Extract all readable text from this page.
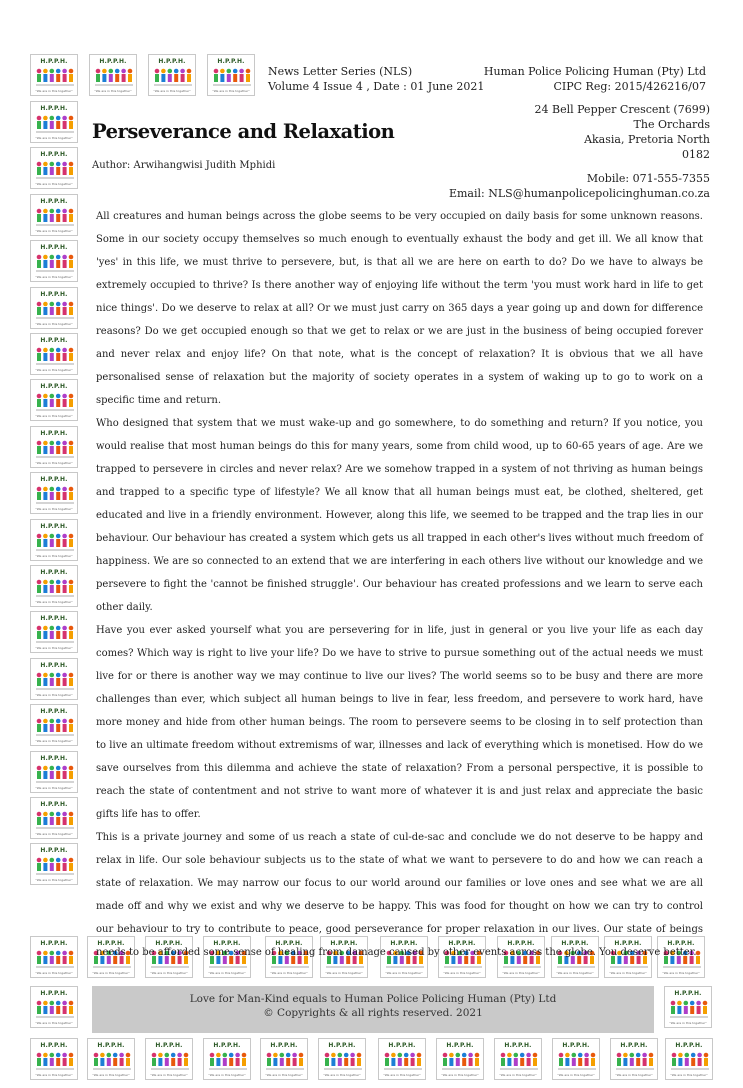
H.P.P.H.
"We are in this together"
H.P.P.H.
"We are in this together"
H.P.P.H.
"We are in this together"
H.P.P.H.
"We are in this together"
H.P.P.H.
"We are in this together"
H.P.P.H.
"We are in this together"
H.P.P.H.
"We are in this together"
H.P.P.H.
"We are in this together"
H.P.P.H.
"We are in this together"
H.P.P.H.
"We are in this together"
H.P.P.H.
"We are in this together"
H.P.P.H.
"We are in this together"
H.P.P.H.
"We are in this together"
H.P.P.H.
"We are in this together"
H.P.P.H.
"We are in this together"
H.P.P.H.
"We are in this together"
H.P.P.H.
"We are in this together"
H.P.P.H.
"We are in this together"
H.P.P.H.
"We are in this together"
H.P.P.H.
"We are in this together"
H.P.P.H.
"We are in this together"
H.P.P.H.
"We are in this together"
H.P.P.H.
"We are in this together"
H.P.P.H.
"We are in this together"
H.P.P.H.
"We are in this together"
H.P.P.H.
"We are in this together"
H.P.P.H.
"We are in this together"
H.P.P.H.
"We are in this together"
H.P.P.H.
"We are in this together"
H.P.P.H.
"We are in this together"
H.P.P.H.
"We are in this together"
H.P.P.H.
"We are in this together"
H.P.P.H.
"We are in this together"
H.P.P.H.
"We are in this together"
H.P.P.H.
"We are in this together"
H.P.P.H.
"We are in this together"
H.P.P.H.
"We are in this together"
H.P.P.H.
"We are in this together"
H.P.P.H.
"We are in this together"
H.P.P.H.
"We are in this together"
H.P.P.H.
"We are in this together"
H.P.P.H.
"We are in this together"
H.P.P.H.
"We are in this together"
H.P.P.H.
"We are in this together"
H.P.P.H.
"We are in this together"
H.P.P.H.
"We are in this together"
H.P.P.H.
"We are in this together"
News Letter Series (NLS)
Volume 4 Issue 4 , Date : 01 June 2021
Human Police Policing Human (Pty) Ltd
CIPC Reg: 2015/426216/07
24 Bell Pepper Crescent (7699)
The Orchards
Akasia, Pretoria North
0182
Mobile: 071-555-7355
Email: NLS@humanpolicepolicinghuman.co.za
Perseverance and Relaxation
Author: Arwihangwisi Judith Mphidi

All creatures and human beings across the globe seems to be very occupied on daily basis for some unknown reasons. Some in our society occupy themselves so much enough to eventually exhaust the body and get ill. We all know that 'yes' in this life, we must thrive to persevere, but, is that all we are here on earth to do? Do we have to always be extremely occupied to thrive? Is there another way of enjoying life without the term 'you must work hard in life to get nice things'. Do we deserve to relax at all? Or we must just carry on 365 days a year going up and down for difference reasons? Do we get occupied enough so that we get to relax or we are just in the business of being occupied forever and never relax and enjoy life? On that note, what is the concept of relaxation? It is obvious that we all have personalised sense of relaxation but the majority of society operates in a system of waking up to go to work on a specific time and return.

Who designed that system that we must wake-up and go somewhere, to do something and return? If you notice, you would realise that most human beings do this for many years, some from child wood, up to 60-65 years of age. Are we trapped to persevere in circles and never relax? Are we somehow trapped in a system of not thriving as human beings and trapped to a specific type of lifestyle? We all know that all human beings must eat, be clothed, sheltered, get educated and live in a friendly environment. However, along this life, we seemed to be trapped and the trap lies in our behaviour. Our behaviour has created a system which gets us all trapped in each other's lives without much freedom of happiness. We are so connected to an extend that we are interfering in each others live without our knowledge and we persevere to fight the 'cannot be finished struggle'. Our behaviour has created professions and we learn to serve each other daily.

Have you ever asked yourself what you are persevering for in life, just in general or you live your life as each day comes? Which way is right to live your life? Do we have to strive to pursue something out of the actual needs we must live for or there is another way we may continue to live our lives? The world seems so to be busy and there are more challenges than ever, which subject all human beings to live in fear, less freedom, and persevere to work hard, have more money and hide from other human beings. The room to persevere seems to be closing in to self protection than to live an ultimate freedom without extremisms of war, illnesses and lack of everything which is monetised. How do we save ourselves from this dilemma and achieve the state of relaxation? From a personal perspective, it is possible to reach the state of contentment and not strive to want more of whatever it is and just relax and appreciate the basic gifts life has to offer.

This is a private journey and some of us reach a state of cul-de-sac and conclude we do not deserve to be happy and relax in life. Our sole behaviour subjects us to the state of what we want to persevere to do and how we can reach a state of relaxation. We may narrow our focus to our world around our families or love ones and see what we are all made off and why we exist and why we deserve to be happy. This was food for thought on how we can try to control our behaviour to try to contribute to peace, good perseverance for proper relaxation in our lives. Our state of beings needs to be afforded some sense of healing from damage caused by other events across the globe. You deserve better.

Love for Man-Kind equals to Human Police Policing Human (Pty) Ltd
© Copyrights & all rights reserved. 2021
